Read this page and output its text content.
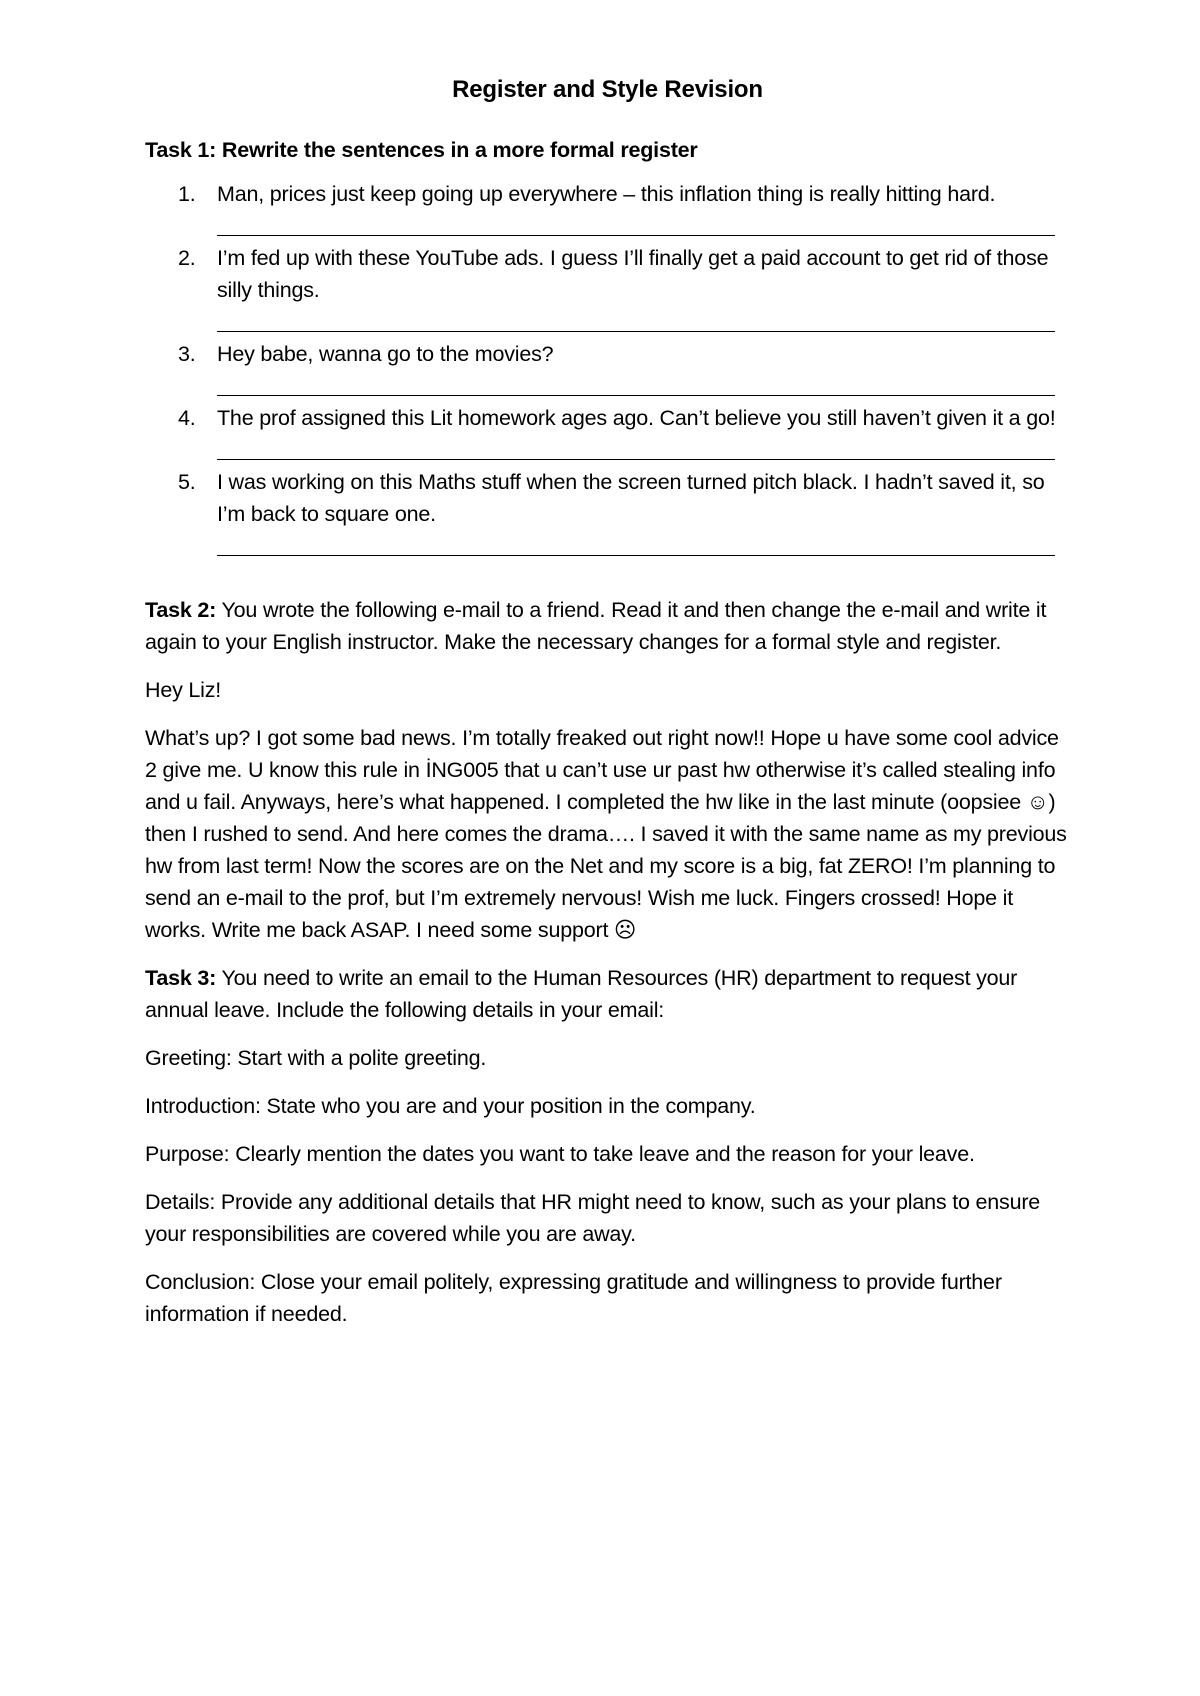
Register and Style Revision
Task 1: Rewrite the sentences in a more formal register
1. Man, prices just keep going up everywhere – this inflation thing is really hitting hard.
2. I’m fed up with these YouTube ads. I guess I’ll finally get a paid account to get rid of those silly things.
3. Hey babe, wanna go to the movies?
4. The prof assigned this Lit homework ages ago. Can’t believe you still haven’t given it a go!
5. I was working on this Maths stuff when the screen turned pitch black. I hadn’t saved it, so I’m back to square one.

Task 2: You wrote the following e-mail to a friend. Read it and then change the e-mail and write it again to your English instructor. Make the necessary changes for a formal style and register.

Hey Liz!

What’s up? I got some bad news. I’m totally freaked out right now!! Hope u have some cool advice 2 give me. U know this rule in İNG005 that u can’t use ur past hw otherwise it’s called stealing info and u fail. Anyways, here’s what happened. I completed the hw like in the last minute (oopsiee ☺) then I rushed to send. And here comes the drama…. I saved it with the same name as my previous hw from last term! Now the scores are on the Net and my score is a big, fat ZERO! I’m planning to send an e-mail to the prof, but I’m extremely nervous! Wish me luck. Fingers crossed! Hope it works. Write me back ASAP. I need some support ☹

Task 3: You need to write an email to the Human Resources (HR) department to request your annual leave. Include the following details in your email:

Greeting: Start with a polite greeting.

Introduction: State who you are and your position in the company.

Purpose: Clearly mention the dates you want to take leave and the reason for your leave.

Details: Provide any additional details that HR might need to know, such as your plans to ensure your responsibilities are covered while you are away.

Conclusion: Close your email politely, expressing gratitude and willingness to provide further information if needed.
